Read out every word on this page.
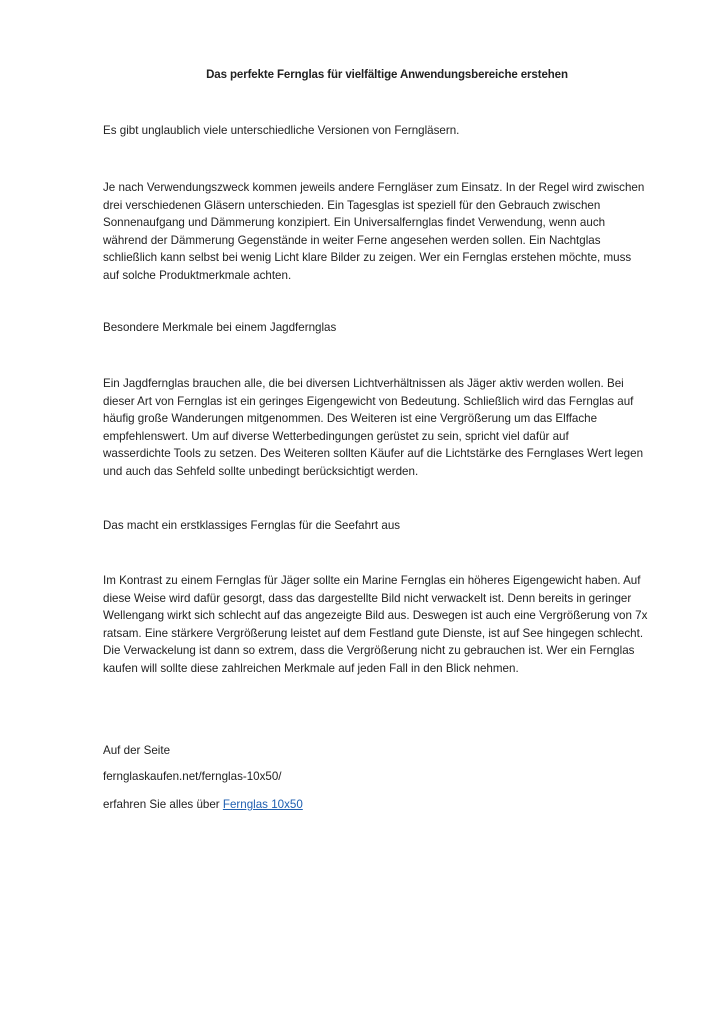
Das perfekte Fernglas für vielfältige Anwendungsbereiche erstehen
Es gibt unglaublich viele unterschiedliche Versionen von Ferngläsern.
Je nach Verwendungszweck kommen jeweils andere Ferngläser zum Einsatz. In der Regel wird zwischen
drei verschiedenen Gläsern unterschieden. Ein Tagesglas ist speziell für den Gebrauch zwischen
Sonnenaufgang und Dämmerung konzipiert. Ein Universalfernglas findet Verwendung, wenn auch
während der Dämmerung Gegenstände in weiter Ferne angesehen werden sollen. Ein Nachtglas
schließlich kann selbst bei wenig Licht klare Bilder zu zeigen. Wer ein Fernglas erstehen möchte, muss
auf solche Produktmerkmale achten.
Besondere Merkmale bei einem Jagdfernglas
Ein Jagdfernglas brauchen alle, die bei diversen Lichtverhältnissen als Jäger aktiv werden wollen. Bei
dieser Art von Fernglas ist ein geringes Eigengewicht von Bedeutung. Schließlich wird das Fernglas auf
häufig große Wanderungen mitgenommen. Des Weiteren ist eine Vergrößerung um das Elffache
empfehlenswert. Um auf diverse Wetterbedingungen gerüstet zu sein, spricht viel dafür auf
wasserdichte Tools zu setzen. Des Weiteren sollten Käufer auf die Lichtstärke des Fernglases Wert legen
und auch das Sehfeld sollte unbedingt berücksichtigt werden.
Das macht ein erstklassiges Fernglas für die Seefahrt aus
Im Kontrast zu einem Fernglas für Jäger sollte ein Marine Fernglas ein höheres Eigengewicht haben. Auf
diese Weise wird dafür gesorgt, dass das dargestellte Bild nicht verwackelt ist. Denn bereits in geringer
Wellengang wirkt sich schlecht auf das angezeigte Bild aus. Deswegen ist auch eine Vergrößerung von 7x
ratsam. Eine stärkere Vergrößerung leistet auf dem Festland gute Dienste, ist auf See hingegen schlecht.
Die Verwackelung ist dann so extrem, dass die Vergrößerung nicht zu gebrauchen ist. Wer ein Fernglas
kaufen will sollte diese zahlreichen Merkmale auf jeden Fall in den Blick nehmen.
Auf der Seite
fernglaskaufen.net/fernglas-10x50/
erfahren Sie alles über Fernglas 10x50
